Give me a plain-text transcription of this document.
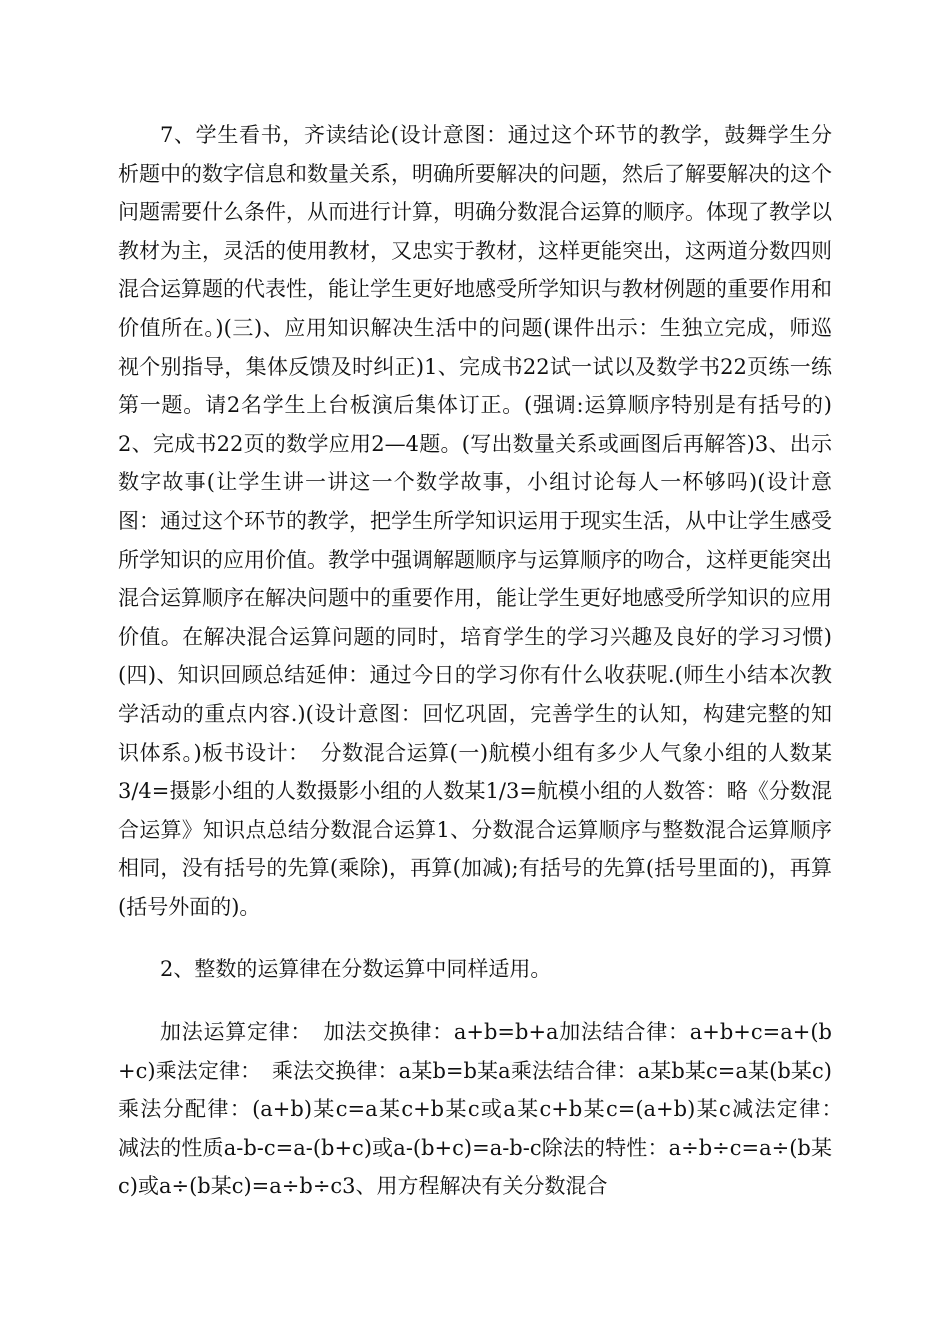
7、学生看书，齐读结论(设计意图：通过这个环节的教学，鼓舞学生分析题中的数字信息和数量关系，明确所要解决的问题，然后了解要解决的这个问题需要什么条件，从而进行计算，明确分数混合运算的顺序。体现了教学以教材为主，灵活的使用教材，又忠实于教材，这样更能突出，这两道分数四则混合运算题的代表性，能让学生更好地感受所学知识与教材例题的重要作用和价值所在。)(三)、应用知识解决生活中的问题(课件出示：生独立完成，师巡视个别指导，集体反馈及时纠正)1、完成书22试一试以及数学书22页练一练第一题。请2名学生上台板演后集体订正。(强调:运算顺序特别是有括号的)2、完成书22页的数学应用2—4题。(写出数量关系或画图后再解答)3、出示数字故事(让学生讲一讲这一个数学故事，小组讨论每人一杯够吗)(设计意图：通过这个环节的教学，把学生所学知识运用于现实生活，从中让学生感受所学知识的应用价值。教学中强调解题顺序与运算顺序的吻合，这样更能突出混合运算顺序在解决问题中的重要作用，能让学生更好地感受所学知识的应用价值。在解决混合运算问题的同时，培育学生的学习兴趣及良好的学习习惯)(四)、知识回顾总结延伸：通过今日的学习你有什么收获呢.(师生小结本次教学活动的重点内容.)(设计意图：回忆巩固，完善学生的认知，构建完整的知识体系。)板书设计：　分数混合运算(一)航模小组有多少人气象小组的人数某3/4=摄影小组的人数摄影小组的人数某1/3=航模小组的人数答：略《分数混合运算》知识点总结分数混合运算1、分数混合运算顺序与整数混合运算顺序相同，没有括号的先算(乘除)，再算(加减);有括号的先算(括号里面的)，再算(括号外面的)。

2、整数的运算律在分数运算中同样适用。

加法运算定律：　加法交换律：a+b=b+a加法结合律：a+b+c=a+(b+c)乘法定律：　乘法交换律：a某b=b某a乘法结合律：a某b某c=a某(b某c)乘法分配律：(a+b)某c=a某c+b某c或a某c+b某c=(a+b)某c减法定律：　减法的性质a-b-c=a-(b+c)或a-(b+c)=a-b-c除法的特性：a÷b÷c=a÷(b某c)或a÷(b某c)=a÷b÷c3、用方程解决有关分数混合
